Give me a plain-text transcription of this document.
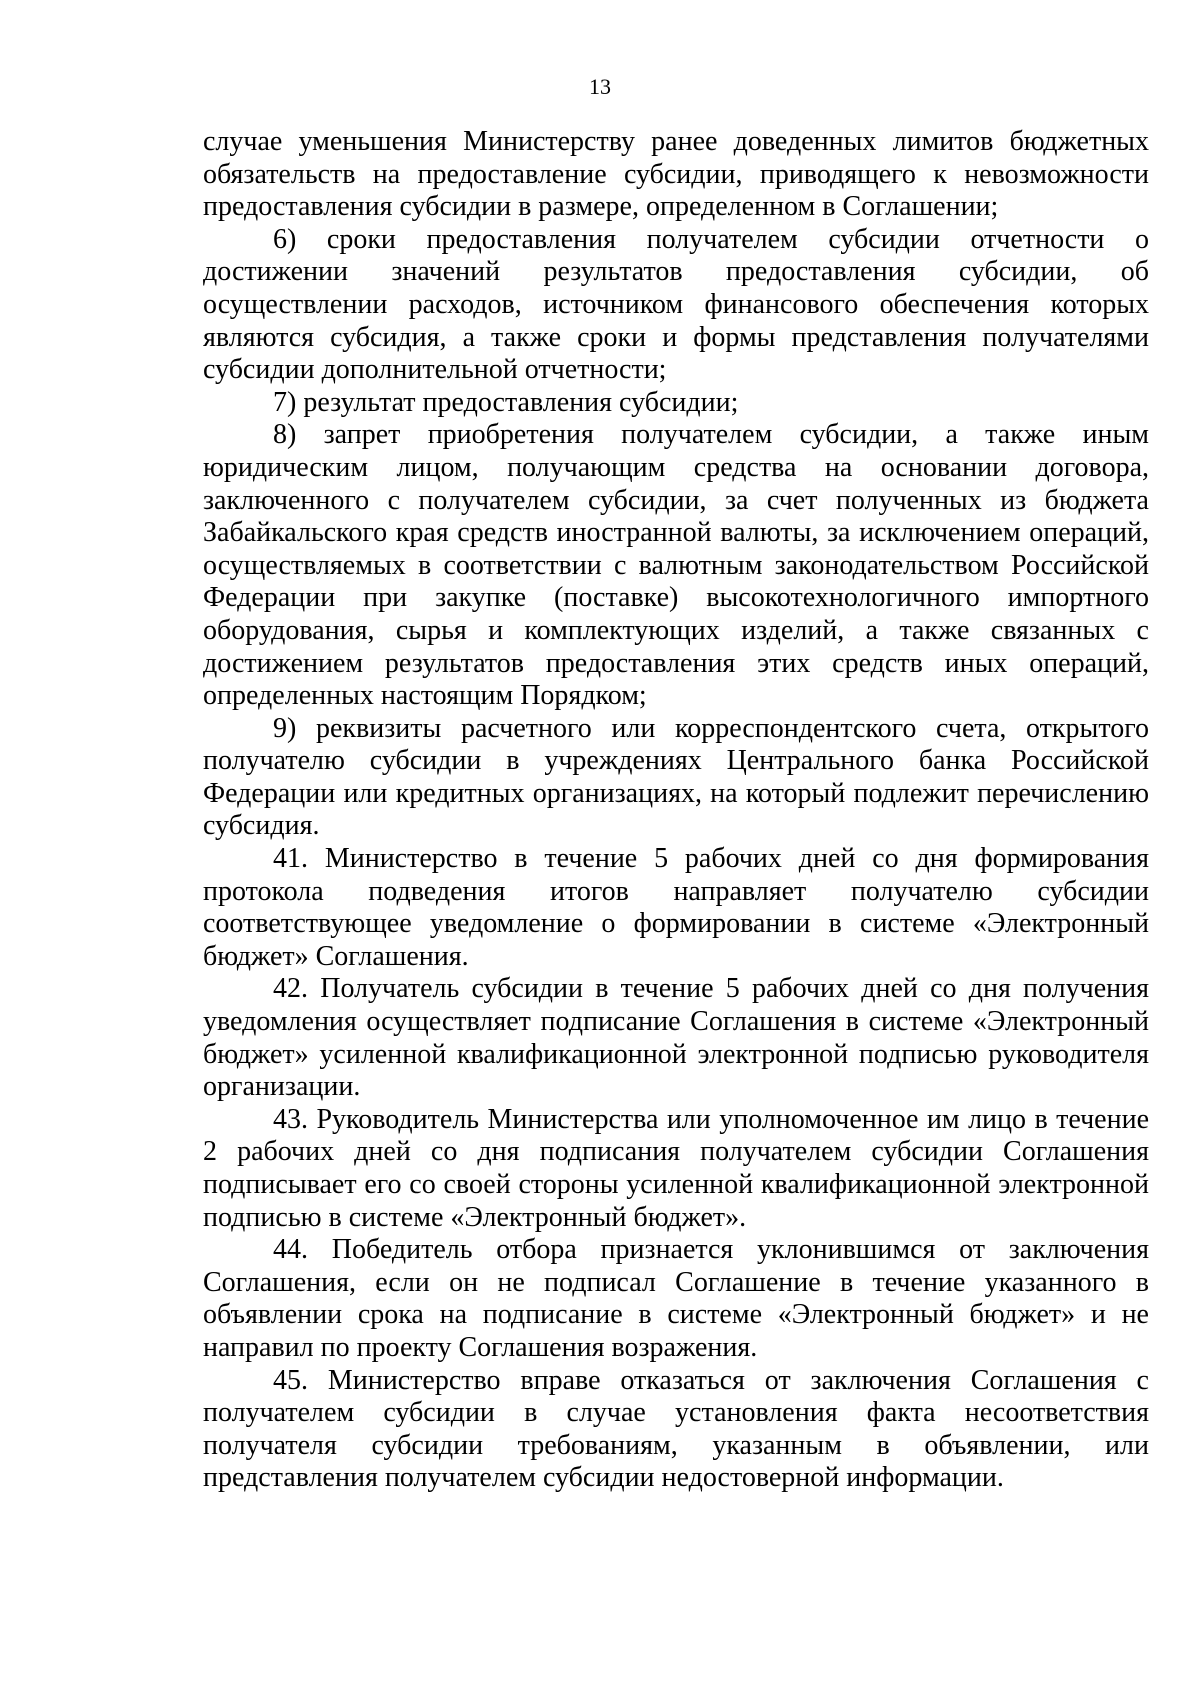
13

случае уменьшения Министерству ранее доведенных лимитов бюджетных обязательств на предоставление субсидии, приводящего к невозможности предоставления субсидии в размере, определенном в Соглашении;

6) сроки предоставления получателем субсидии отчетности о достижении значений результатов предоставления субсидии, об осуществлении расходов, источником финансового обеспечения которых являются субсидия, а также сроки и формы представления получателями субсидии дополнительной отчетности;

7) результат предоставления субсидии;

8) запрет приобретения получателем субсидии, а также иным юридическим лицом, получающим средства на основании договора, заключенного с получателем субсидии, за счет полученных из бюджета Забайкальского края средств иностранной валюты, за исключением операций, осуществляемых в соответствии с валютным законодательством Российской Федерации при закупке (поставке) высокотехнологичного импортного оборудования, сырья и комплектующих изделий, а также связанных с достижением результатов предоставления этих средств иных операций, определенных настоящим Порядком;

9) реквизиты расчетного или корреспондентского счета, открытого получателю субсидии в учреждениях Центрального банка Российской Федерации или кредитных организациях, на который подлежит перечислению субсидия.

41. Министерство в течение 5 рабочих дней со дня формирования протокола подведения итогов направляет получателю субсидии соответствующее уведомление о формировании в системе «Электронный бюджет» Соглашения.

42. Получатель субсидии в течение 5 рабочих дней со дня получения уведомления осуществляет подписание Соглашения в системе «Электронный бюджет» усиленной квалификационной электронной подписью руководителя организации.

43. Руководитель Министерства или уполномоченное им лицо в течение 2 рабочих дней со дня подписания получателем субсидии Соглашения подписывает его со своей стороны усиленной квалификационной электронной подписью в системе «Электронный бюджет».

44. Победитель отбора признается уклонившимся от заключения Соглашения, если он не подписал Соглашение в течение указанного в объявлении срока на подписание в системе «Электронный бюджет» и не направил по проекту Соглашения возражения.

45. Министерство вправе отказаться от заключения Соглашения с получателем субсидии в случае установления факта несоответствия получателя субсидии требованиям, указанным в объявлении, или представления получателем субсидии недостоверной информации.
